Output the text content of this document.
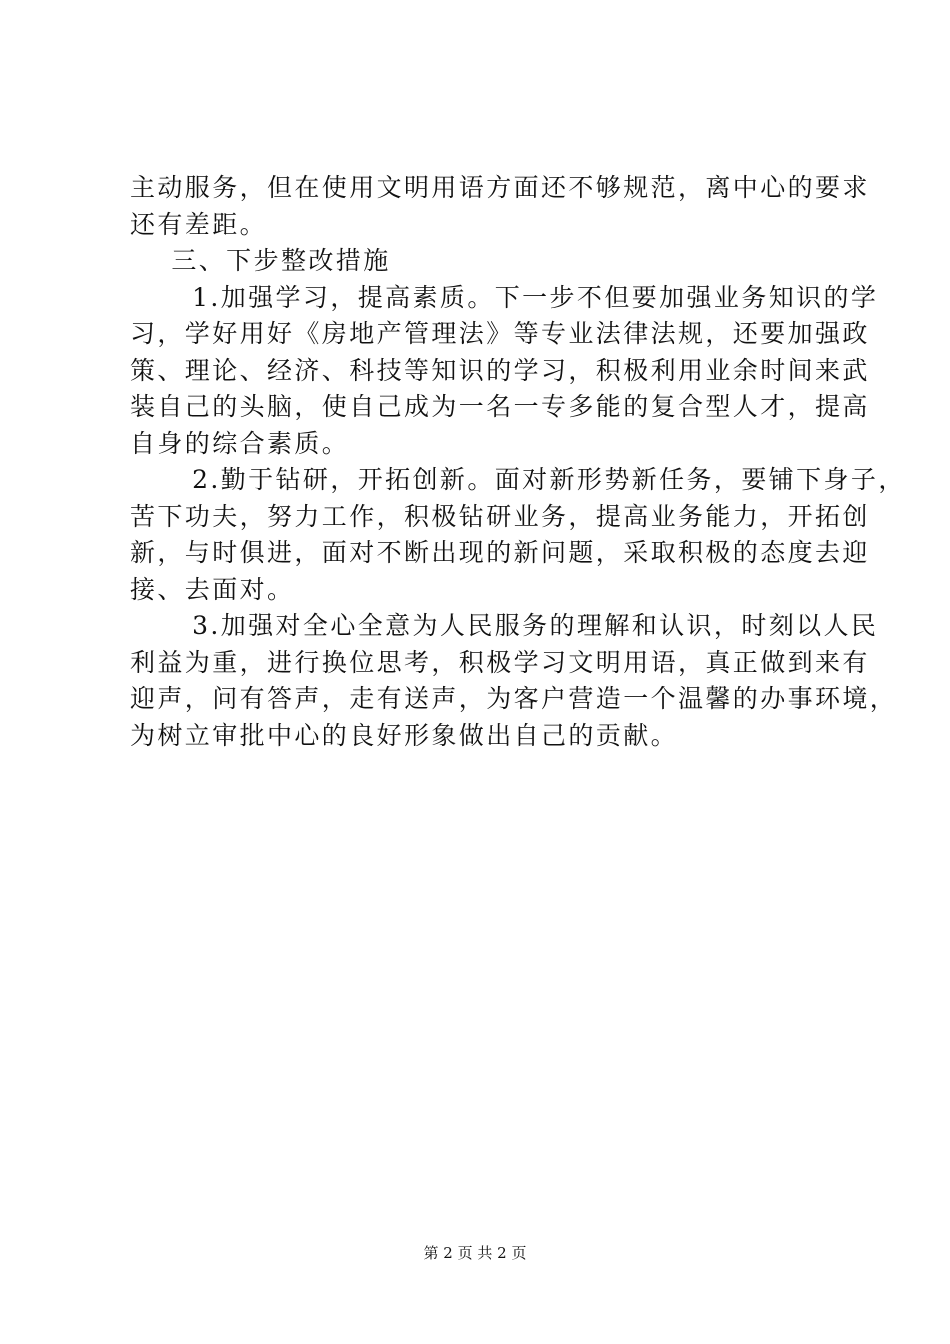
主动服务，但在使用文明用语方面还不够规范，离中心的要求
还有差距。
三、下步整改措施
1.加强学习，提高素质。下一步不但要加强业务知识的学
习，学好用好《房地产管理法》等专业法律法规，还要加强政
策、理论、经济、科技等知识的学习，积极利用业余时间来武
装自己的头脑，使自己成为一名一专多能的复合型人才，提高
自身的综合素质。
2.勤于钻研，开拓创新。面对新形势新任务，要铺下身子，
苦下功夫，努力工作，积极钻研业务，提高业务能力，开拓创
新，与时俱进，面对不断出现的新问题，采取积极的态度去迎
接、去面对。
3.加强对全心全意为人民服务的理解和认识，时刻以人民
利益为重，进行换位思考，积极学习文明用语，真正做到来有
迎声，问有答声，走有送声，为客户营造一个温馨的办事环境，
为树立审批中心的良好形象做出自己的贡献。
第 2 页 共 2 页
